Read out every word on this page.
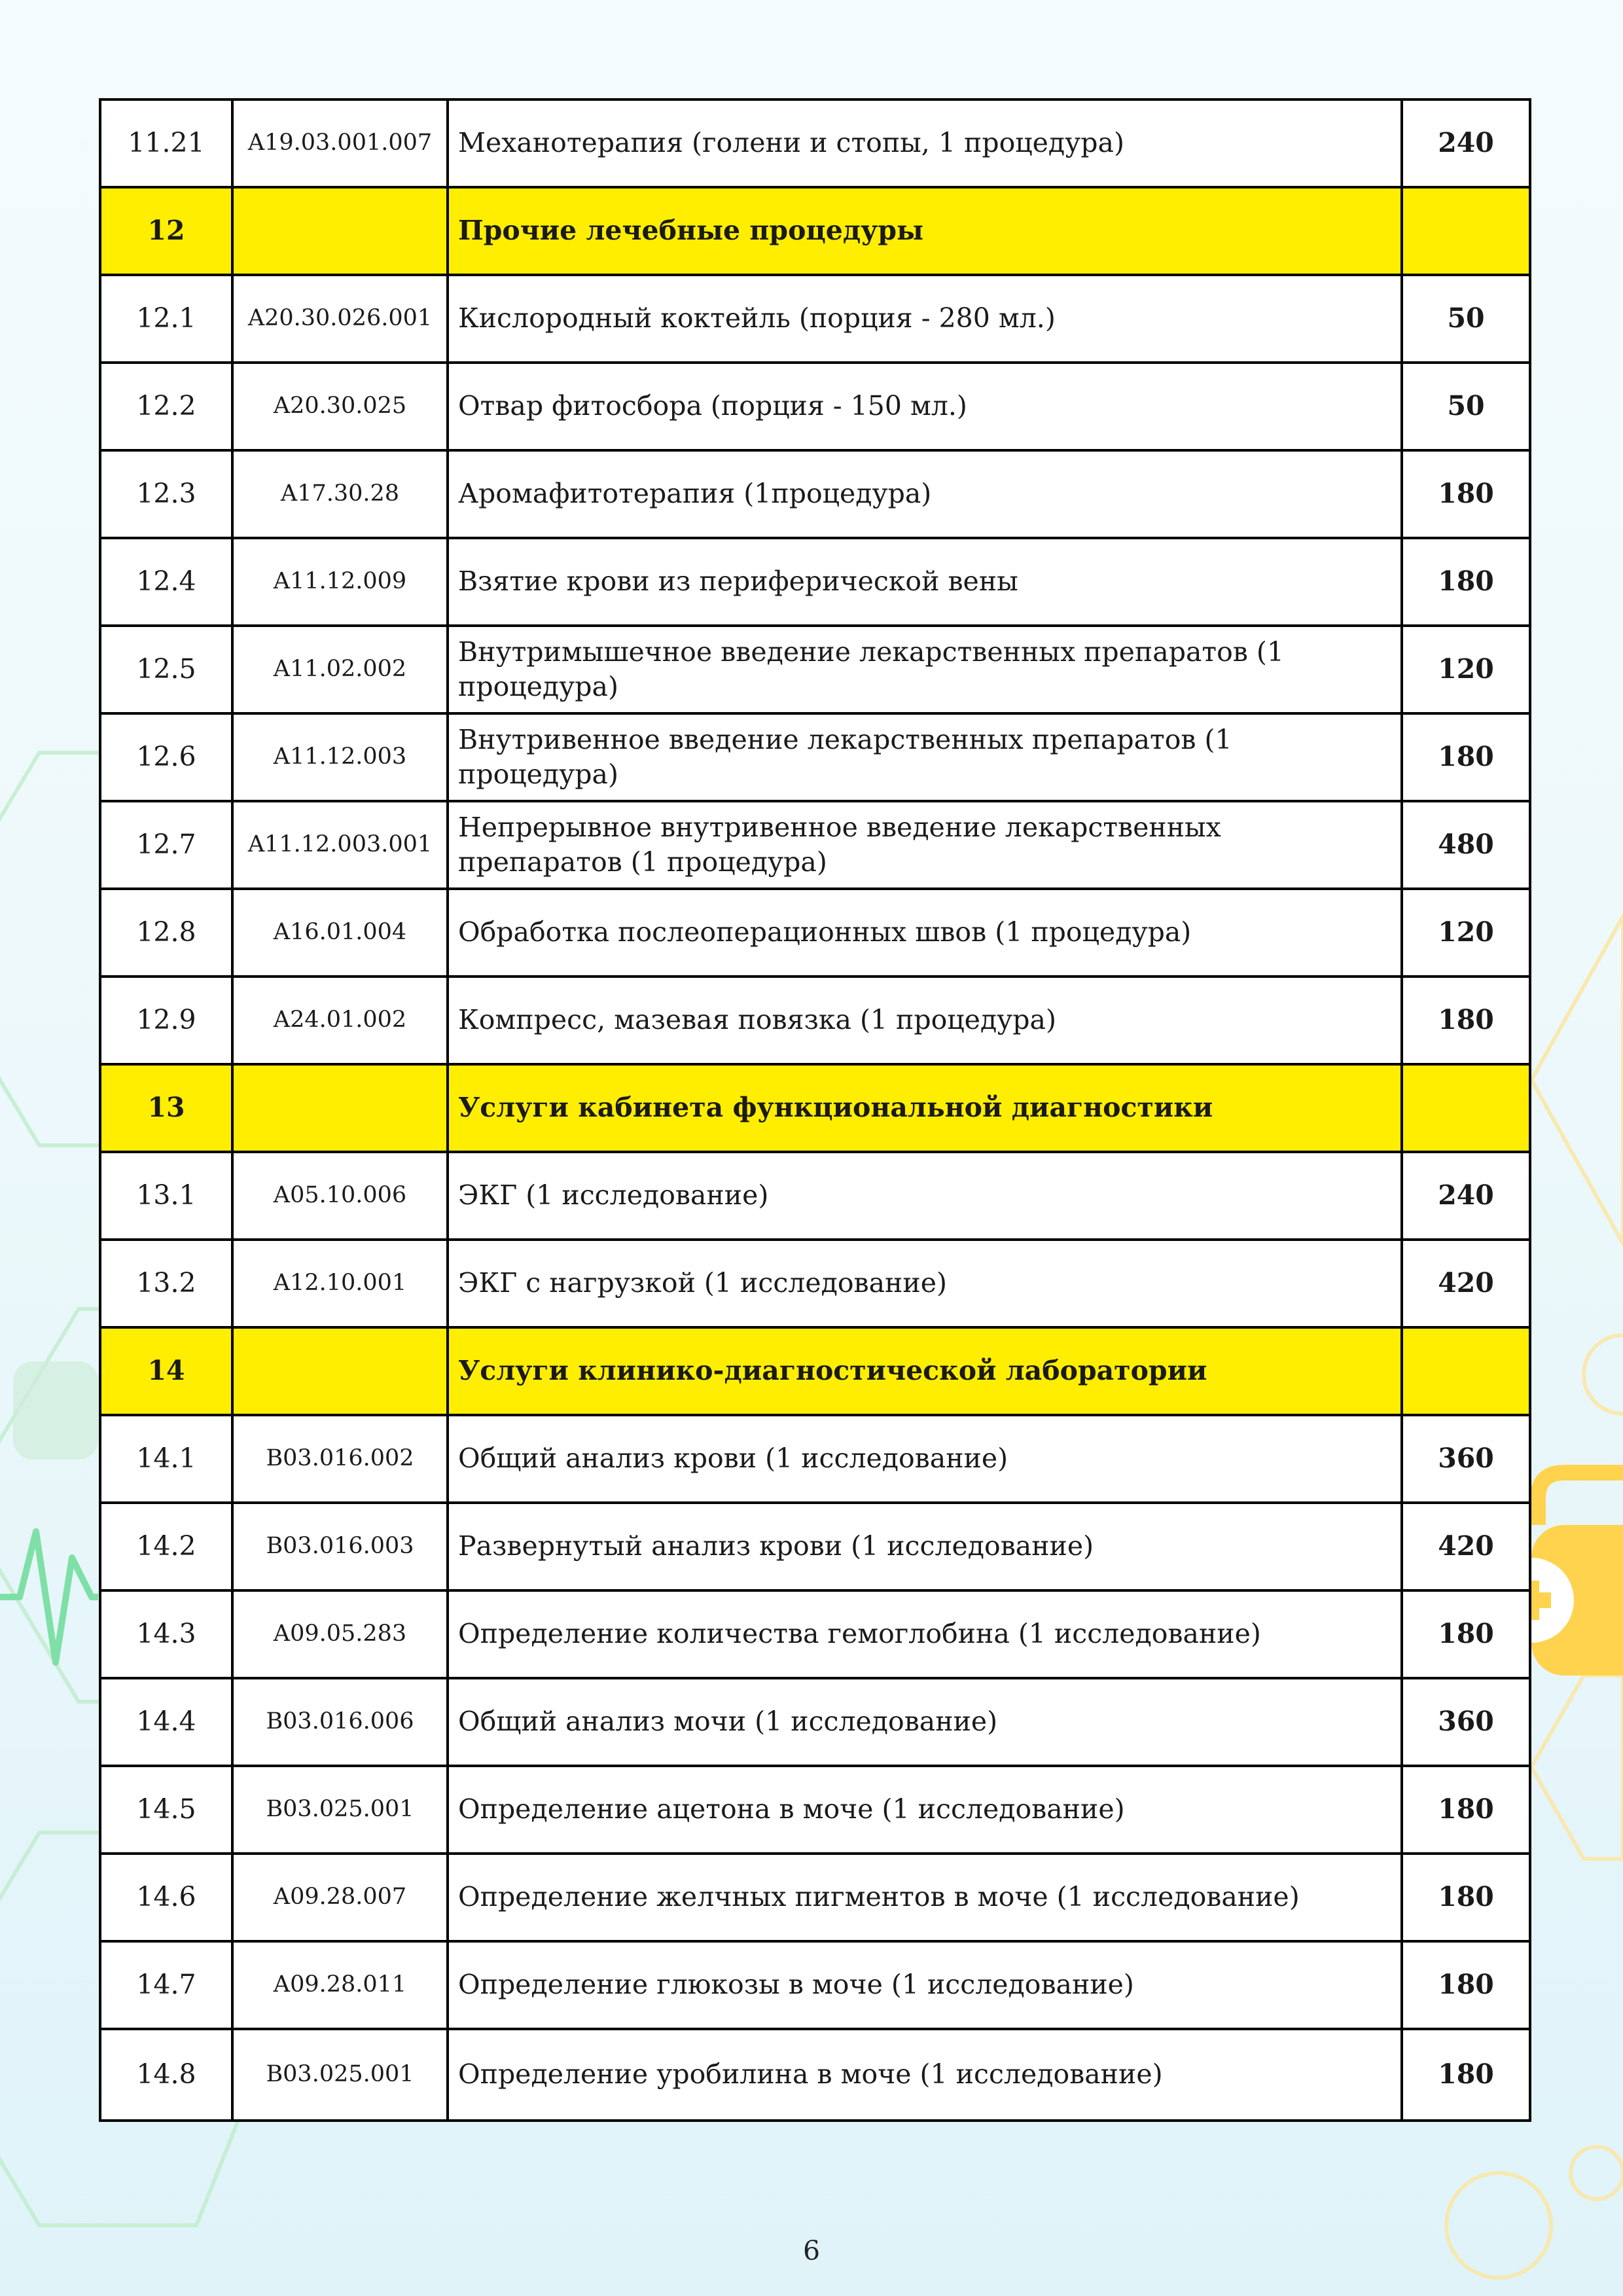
11.21	A19.03.001.007	Механотерапия (голени и стопы, 1 процедура)	240
12		Прочие лечебные процедуры	
12.1	A20.30.026.001	Кислородный коктейль (порция - 280 мл.)	50
12.2	A20.30.025	Отвар фитосбора (порция - 150 мл.)	50
12.3	A17.30.28	Аромафитотерапия (1процедура)	180
12.4	A11.12.009	Взятие крови из периферической вены	180
12.5	A11.02.002	Внутримышечное введение лекарственных препаратов (1 процедура)	120
12.6	A11.12.003	Внутривенное введение лекарственных препаратов (1 процедура)	180
12.7	A11.12.003.001	Непрерывное внутривенное введение лекарственных препаратов (1 процедура)	480
12.8	A16.01.004	Обработка послеоперационных швов (1 процедура)	120
12.9	A24.01.002	Компресс, мазевая повязка (1 процедура)	180
13		Услуги кабинета функциональной диагностики	
13.1	A05.10.006	ЭКГ (1 исследование)	240
13.2	A12.10.001	ЭКГ с нагрузкой (1 исследование)	420
14		Услуги клинико-диагностической лаборатории	
14.1	B03.016.002	Общий анализ крови (1 исследование)	360
14.2	B03.016.003	Развернутый анализ крови (1 исследование)	420
14.3	A09.05.283	Определение количества гемоглобина (1 исследование)	180
14.4	B03.016.006	Общий анализ мочи (1 исследование)	360
14.5	B03.025.001	Определение ацетона в моче (1 исследование)	180
14.6	A09.28.007	Определение желчных пигментов в моче (1 исследование)	180
14.7	A09.28.011	Определение глюкозы в моче (1 исследование)	180
14.8	B03.025.001	Определение уробилина в моче (1 исследование)	180
6
